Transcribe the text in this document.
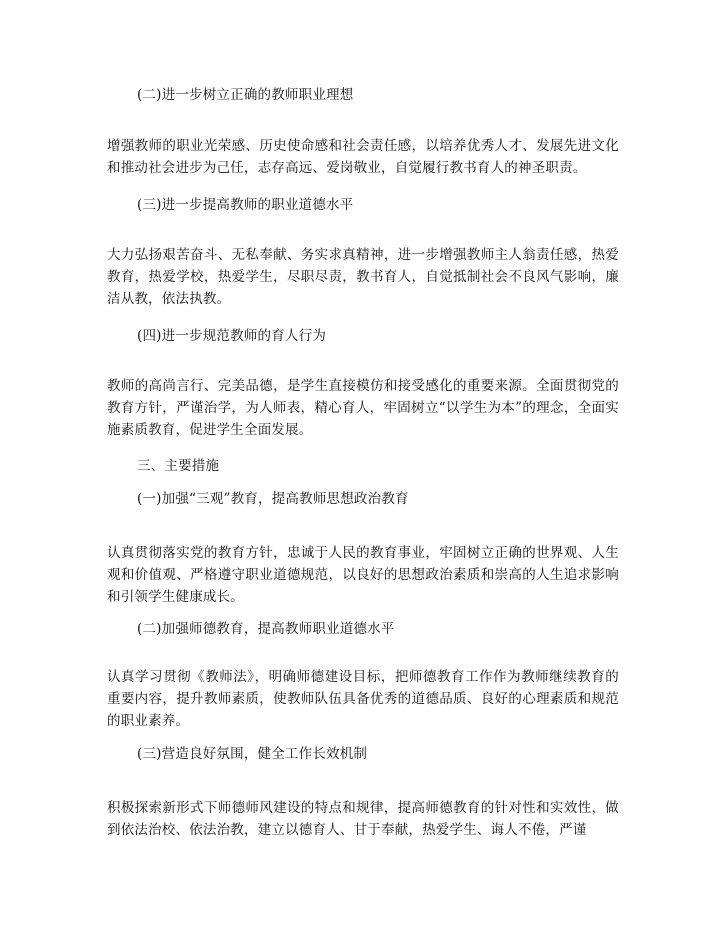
(二)进一步树立正确的教师职业理想

增强教师的职业光荣感、历史使命感和社会责任感，以培养优秀人才、发展先进文化和推动社会进步为己任，志存高远、爱岗敬业，自觉履行教书育人的神圣职责。

(三)进一步提高教师的职业道德水平

大力弘扬艰苦奋斗、无私奉献、务实求真精神，进一步增强教师主人翁责任感，热爱教育，热爱学校，热爱学生，尽职尽责，教书育人，自觉抵制社会不良风气影响，廉洁从教，依法执教。

(四)进一步规范教师的育人行为

教师的高尚言行、完美品德，是学生直接模仿和接受感化的重要来源。全面贯彻党的教育方针，严谨治学，为人师表，精心育人，牢固树立“以学生为本”的理念，全面实施素质教育，促进学生全面发展。

三、主要措施

(一)加强“三观”教育，提高教师思想政治教育

认真贯彻落实党的教育方针，忠诚于人民的教育事业，牢固树立正确的世界观、人生观和价值观、严格遵守职业道德规范，以良好的思想政治素质和崇高的人生追求影响和引领学生健康成长。

(二)加强师德教育，提高教师职业道德水平

认真学习贯彻《教师法》，明确师德建设目标，把师德教育工作作为教师继续教育的重要内容，提升教师素质，使教师队伍具备优秀的道德品质、良好的心理素质和规范的职业素养。

(三)营造良好氛围，健全工作长效机制

积极探索新形式下师德师风建设的特点和规律，提高师德教育的针对性和实效性，做到依法治校、依法治教，建立以德育人、甘于奉献，热爱学生、诲人不倦，严谨
